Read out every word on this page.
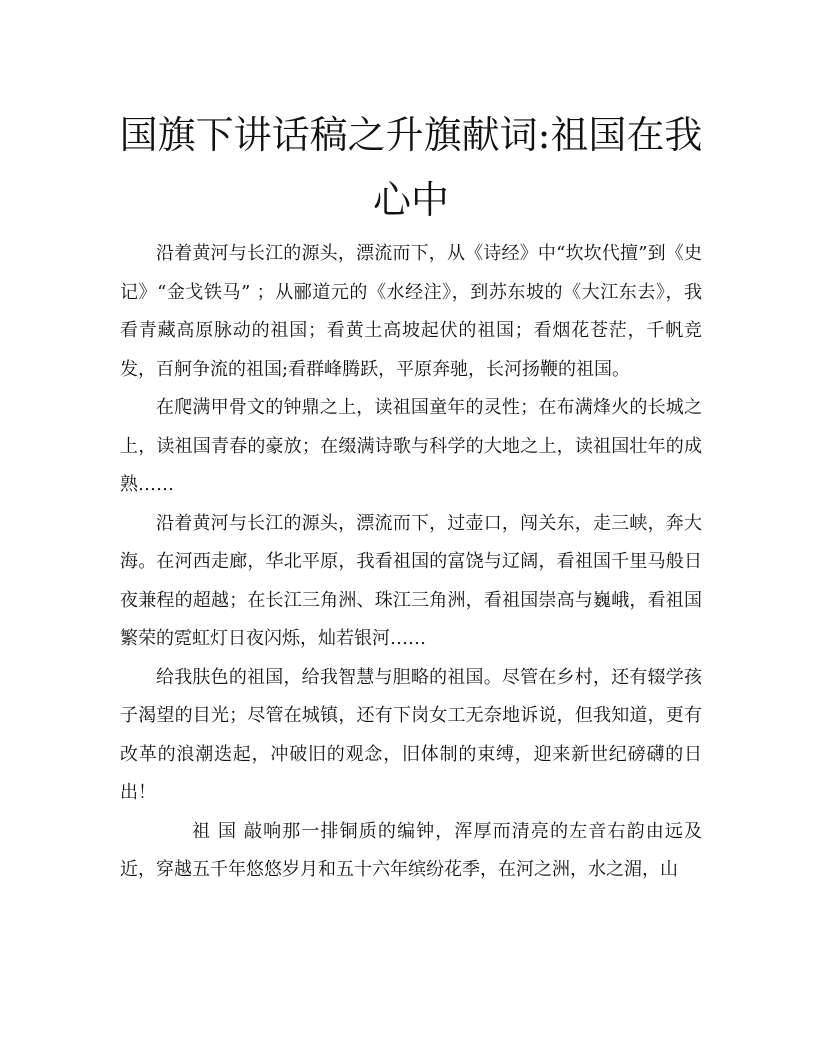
国旗下讲话稿之升旗献词:祖国在我心中

沿着黄河与长江的源头，漂流而下，从《诗经》中“坎坎代擅”到《史记》“金戈铁马” ；从郦道元的《水经注》，到苏东坡的《大江东去》，我看青藏高原脉动的祖国；看黄土高坡起伏的祖国；看烟花苍茫，千帆竞发，百舸争流的祖国;看群峰腾跃，平原奔驰，长河扬鞭的祖国。

在爬满甲骨文的钟鼎之上，读祖国童年的灵性；在布满烽火的长城之上，读祖国青春的豪放；在缀满诗歌与科学的大地之上，读祖国壮年的成熟……

沿着黄河与长江的源头，漂流而下，过壶口，闯关东，走三峡，奔大海。在河西走廊，华北平原，我看祖国的富饶与辽阔，看祖国千里马般日夜兼程的超越；在长江三角洲、珠江三角洲，看祖国崇高与巍峨，看祖国繁荣的霓虹灯日夜闪烁，灿若银河……

给我肤色的祖国，给我智慧与胆略的祖国。尽管在乡村，还有辍学孩子渴望的目光；尽管在城镇，还有下岗女工无奈地诉说，但我知道，更有改革的浪潮迭起，冲破旧的观念，旧体制的束缚，迎来新世纪磅礴的日出！

祖 国 敲响那一排铜质的编钟，浑厚而清亮的左音右韵由远及近，穿越五千年悠悠岁月和五十六年缤纷花季，在河之洲，水之湄，山
